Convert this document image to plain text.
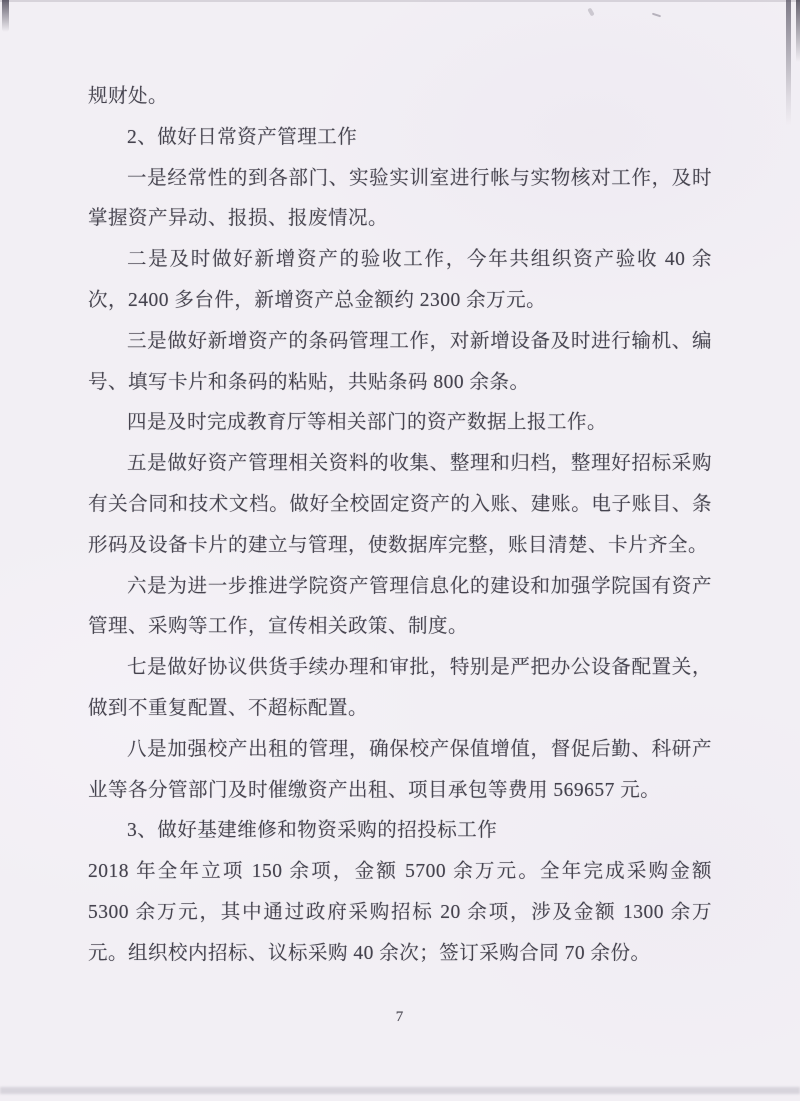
规财处。

2、做好日常资产管理工作

一是经常性的到各部门、实验实训室进行帐与实物核对工作，及时掌握资产异动、报损、报废情况。

二是及时做好新增资产的验收工作，今年共组织资产验收 40 余次，2400 多台件，新增资产总金额约 2300 余万元。

三是做好新增资产的条码管理工作，对新增设备及时进行输机、编号、填写卡片和条码的粘贴，共贴条码 800 余条。

四是及时完成教育厅等相关部门的资产数据上报工作。

五是做好资产管理相关资料的收集、整理和归档，整理好招标采购有关合同和技术文档。做好全校固定资产的入账、建账。电子账目、条形码及设备卡片的建立与管理，使数据库完整，账目清楚、卡片齐全。

六是为进一步推进学院资产管理信息化的建设和加强学院国有资产管理、采购等工作，宣传相关政策、制度。

七是做好协议供货手续办理和审批，特别是严把办公设备配置关，做到不重复配置、不超标配置。

八是加强校产出租的管理，确保校产保值增值，督促后勤、科研产业等各分管部门及时催缴资产出租、项目承包等费用 569657 元。

3、做好基建维修和物资采购的招投标工作

2018 年全年立项 150 余项，金额 5700 余万元。全年完成采购金额 5300 余万元，其中通过政府采购招标 20 余项，涉及金额 1300 余万元。组织校内招标、议标采购 40 余次；签订采购合同 70 余份。

7
